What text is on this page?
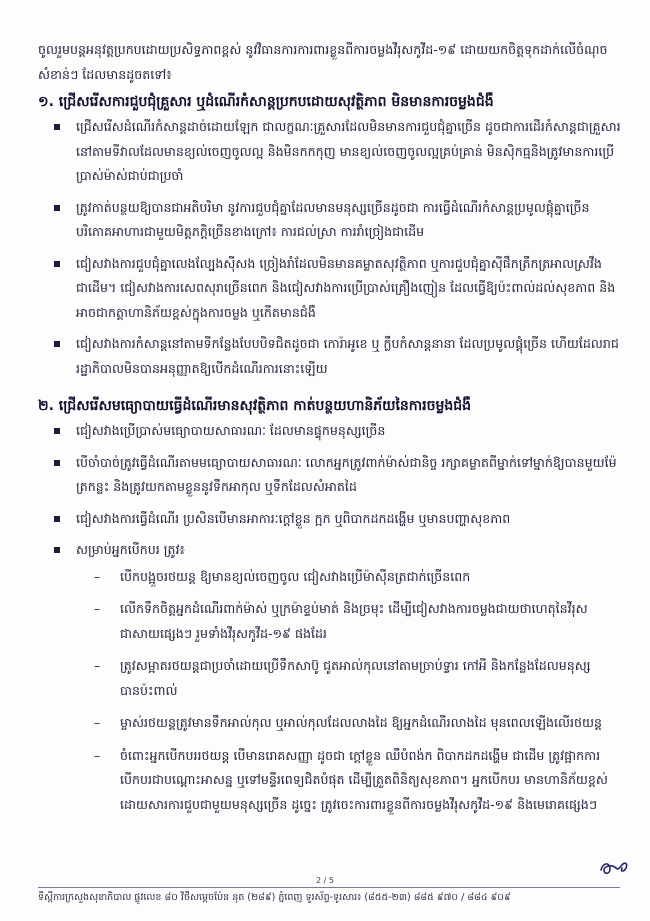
ចូលរួមបន្តអនុវត្តប្រកបដោយប្រសិទ្ធភាពខ្ពស់ នូវវិធានការការពារខ្លួនពីការចម្លងវីរុសកូវីដ-១៩ ដោយយកចិត្តទុកដាក់លើចំណុចសំខាន់ៗ ដែលមានដូចតទៅ៖

១. ជ្រើសរើសការជួបជុំគ្រួសារ ឬដំណើរកំសាន្តប្រកបដោយសុវត្ថិភាព មិនមានការចម្លងជំងឺ
ជ្រើសរើសដំណើរកំសាន្តដាច់ដោយឡែក ជាលក្ខណៈគ្រួសារដែលមិនមានការជួបជុំគ្នាច្រើន ដូចជាការដើរកំសាន្តជាគ្រួសារ នៅតាមទីវាលដែលមានខ្យល់ចេញចូលល្អ និងមិនកកកុញ មានខ្យល់ចេញចូលល្អគ្រប់គ្រាន់ មិនស៊ិកធ្មនិងត្រូវមានការប្រើប្រាស់ម៉ាស់ជាប់ជាប្រចាំ
ត្រូវកាត់បន្ថយឱ្យបានជាអតិបរិមា នូវការជួបជុំគ្នាដែលមានមនុស្សច្រើនដូចជា ការធ្វើដំណើរកំសាន្តប្រមូលផ្តុំគ្នាច្រើន បរិភោគអាហារជាមួយមិត្តភក្តិច្រើនខាងក្រៅ៖ ការជល់ស្រា ការរាំច្រៀងជាដើម
ជៀសវាងការជួបជុំគ្នាលេងល្បែងស៊ីសង ច្រៀងរាំដែលមិនមានគម្លាតសុវត្ថិភាព ឬការជួបជុំគ្នាស៊ីផឹកត្រឹកត្រអាលស្រវឹងជាដើម។ ជៀសវាងការសេពសុរាច្រើនពេក និងជៀសវាងការប្រើប្រាស់គ្រឿងញៀន ដែលធ្វើឱ្យប៉ះពាល់ដល់សុខភាព និងអាចជាកត្តាហានិភ័យខ្ពស់ក្នុងការចម្លង ឬកើតមានជំងឺ
ជៀសវាងការកំសាន្តនៅតាមទីកន្លែងបែបបិទជិតដូចជា កោរ៉ាអូខេ ឬ ក្លឹបកំសាន្តនានា ដែលប្រមូលផ្តុំច្រើន ហើយដែលរាជរដ្ឋាភិបាលមិនបានអនុញ្ញាតឱ្យបើកដំណើរការនោះឡើយ
២. ជ្រើសរើសមធ្យោបាយធ្វើដំណើរមានសុវត្ថិភាព កាត់បន្ថយហានិភ័យនៃការចម្លងជំងឺ
ជៀសវាងប្រើប្រាស់មធ្យោបាយសាធារណៈ ដែលមានផ្ទុកមនុស្សច្រើន
បើចាំបាច់ត្រូវធ្វើដំណើរតាមមធ្យោបាយសាធារណៈ លោកអ្នកត្រូវពាក់ម៉ាស់ជានិច្ច រក្សាគម្លាតពីម្នាក់ទៅម្នាក់ឱ្យបានមួយម៉ែត្រកន្លះ និងត្រូវយកតាមខ្លួននូវទឹកអាកុល ឬទឹកដែលសំអាតដៃ
ជៀសវាងការធ្វើដំណើរ ប្រសិនបើមានអាការៈក្តៅខ្លួន ក្អក ឬពិបាកដកដង្ហើម ឬមានបញ្ហាសុខភាព
សម្រាប់អ្នកបើកបរ ត្រូវ៖
– បើកបង្អួចរថយន្ត ឱ្យមានខ្យល់ចេញចូល ជៀសវាងប្រើម៉ាស៊ីនត្រជាក់ច្រើនពេក
– លើកទឹកចិត្តអ្នកដំណើរពាក់ម៉ាស់ ឬក្រម៉ាខ្ទប់មាត់ និងច្រមុះ ដើម្បីជៀសវាងការចម្លងជាយថាហេតុនៃវីរុសជាសាយផ្សេងៗ រួមទាំងវីរុសកូវីដ-១៩ ផងដែរ
– ត្រូវសម្អាតរថយន្តជាប្រចាំដោយប្រើទឹកសាប៊ូ ជូតអាល់កុលនៅតាមច្រាប់ទ្វារ កៅអី និងកន្លែងដែលមនុស្សបានប៉ះពាល់
– ម្ចាស់រថយន្តត្រូវមានទឹកអាល់កុល ឬអាល់កុលដែលលាងដៃ ឱ្យអ្នកដំណើរលាងដៃ មុនពេលឡើងលើរថយន្ត
– ចំពោះអ្នកបើកបររថយន្ត បើមានរោគសញ្ញា ដូចជា ក្តៅខ្លួន ឈឺបំពង់ក ពិបាកដកដង្ហើម ជាដើម ត្រូវផ្អាកការបើកបរជាបណ្តោះអាសន្ន ឬទៅមន្ទីរពេទ្យជិតបំផុត ដើម្បីត្រួតពិនិត្យសុខភាព។ អ្នកបើកបរ មានហានិភ័យខ្ពស់ ដោយសារការជួបជាមួយមនុស្សច្រើន ដូច្នេះ ត្រូវចេះការពារខ្លួនពីការចម្លងវីរុសកូវីដ-១៩ និងមេរោគផ្សេងៗ
2 / 5
ទីស្តីការក្រសួងសុខាភិបាល ផ្លូវលេខ ៨០ វិថីសម្តេចប៉ែន នុត (២៨៩) ភ្នំពេញ ទូរស័ព្ទ-ទូរសារ៖ (៨៥៥-២៣) ៨៨៥ ៩៧០ / ៨៨៤ ៩០៩
